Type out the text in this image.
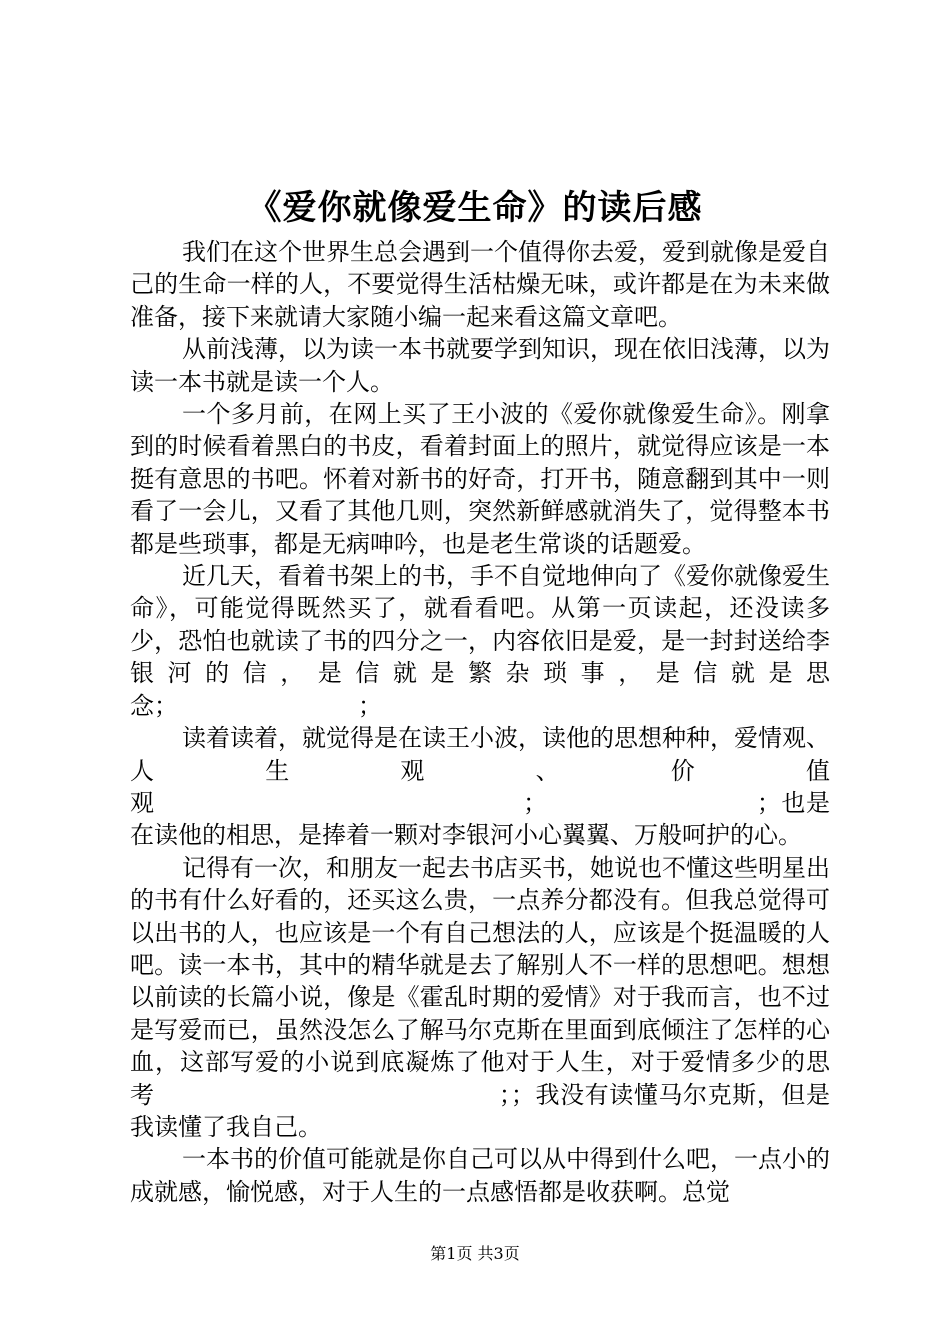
《爱你就像爱生命》的读后感

我们在这个世界生总会遇到一个值得你去爱，爱到就像是爱自己的生命一样的人，不要觉得生活枯燥无味，或许都是在为未来做准备，接下来就请大家随小编一起来看这篇文章吧。

从前浅薄，以为读一本书就要学到知识，现在依旧浅薄，以为读一本书就是读一个人。

一个多月前，在网上买了王小波的《爱你就像爱生命》。刚拿到的时候看着黑白的书皮，看着封面上的照片，就觉得应该是一本挺有意思的书吧。怀着对新书的好奇，打开书，随意翻到其中一则看了一会儿，又看了其他几则，突然新鲜感就消失了，觉得整本书都是些琐事，都是无病呻吟，也是老生常谈的话题爱。

近几天，看着书架上的书，手不自觉地伸向了《爱你就像爱生命》，可能觉得既然买了，就看看吧。从第一页读起，还没读多少，恐怕也就读了书的四分之一，内容依旧是爱，是一封封送给李银河的信，是信就是繁杂琐事，是信就是思念；　　　　　　　　；

读着读着，就觉得是在读王小波，读他的思想种种，爱情观、人生观、价值观　　　　　　　　　　　　　　　；　　　　　　　　　；也是在读他的相思，是捧着一颗对李银河小心翼翼、万般呵护的心。

记得有一次，和朋友一起去书店买书，她说也不懂这些明星出的书有什么好看的，还买这么贵，一点养分都没有。但我总觉得可以出书的人，也应该是一个有自己想法的人，应该是个挺温暖的人吧。读一本书，其中的精华就是去了解别人不一样的思想吧。想想以前读的长篇小说，像是《霍乱时期的爱情》对于我而言，也不过是写爱而已，虽然没怎么了解马尔克斯在里面到底倾注了怎样的心血，这部写爱的小说到底凝炼了他对于人生，对于爱情多少的思考　　　　　　　　　　　　　　；；我没有读懂马尔克斯，但是我读懂了我自己。

一本书的价值可能就是你自己可以从中得到什么吧，一点小的成就感，愉悦感，对于人生的一点感悟都是收获啊。总觉

第1页 共3页
